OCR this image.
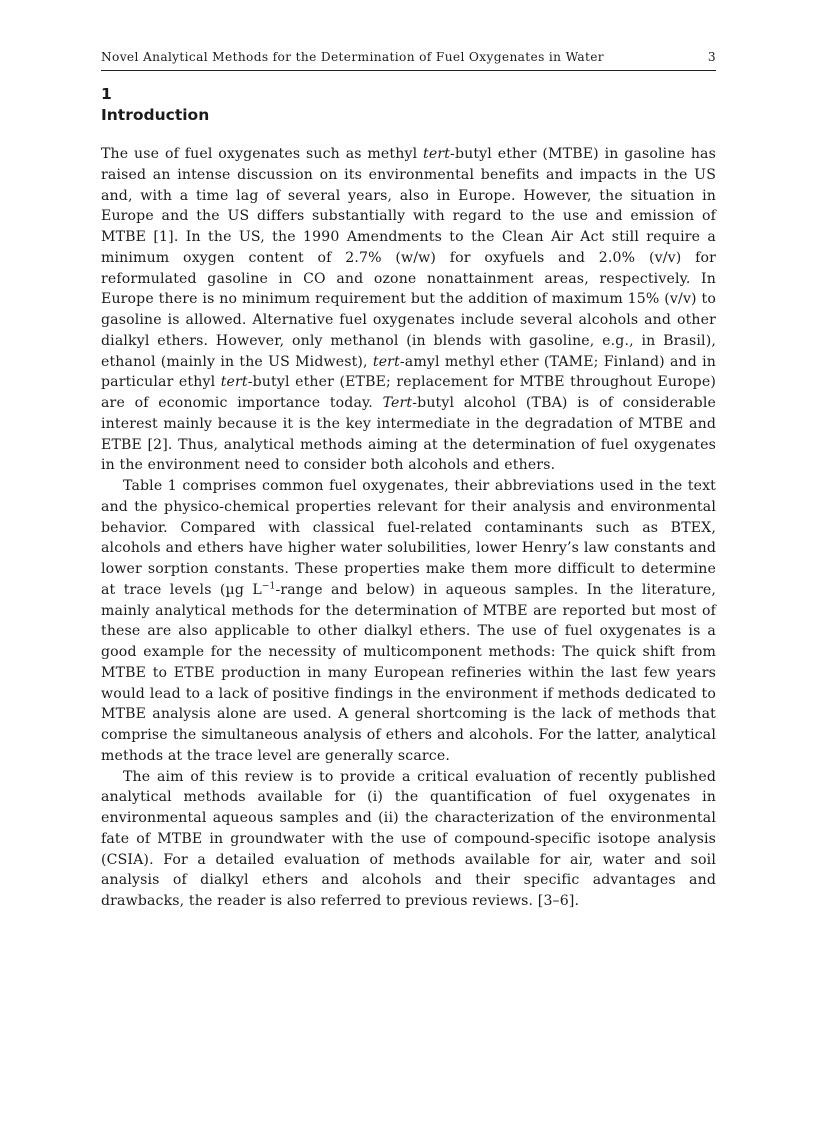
Novel Analytical Methods for the Determination of Fuel Oxygenates in Water	3
1
Introduction

The use of fuel oxygenates such as methyl tert-butyl ether (MTBE) in gasoline has raised an intense discussion on its environmental benefits and impacts in the US and, with a time lag of several years, also in Europe. However, the situation in Europe and the US differs substantially with regard to the use and emission of MTBE [1]. In the US, the 1990 Amendments to the Clean Air Act still require a minimum oxygen content of 2.7% (w/w) for oxyfuels and 2.0% (v/v) for reformulated gasoline in CO and ozone nonattainment areas, respectively. In Europe there is no minimum requirement but the addition of maximum 15% (v/v) to gasoline is allowed. Alternative fuel oxygenates include several alcohols and other dialkyl ethers. However, only methanol (in blends with gasoline, e.g., in Brasil), ethanol (mainly in the US Midwest), tert-amyl methyl ether (TAME; Finland) and in particular ethyl tert-butyl ether (ETBE; replacement for MTBE throughout Europe) are of economic importance today. Tert-butyl alcohol (TBA) is of considerable interest mainly because it is the key intermediate in the degradation of MTBE and ETBE [2]. Thus, analytical methods aiming at the determination of fuel oxygenates in the environment need to consider both alcohols and ethers.

Table 1 comprises common fuel oxygenates, their abbreviations used in the text and the physico-chemical properties relevant for their analysis and environmental behavior. Compared with classical fuel-related contaminants such as BTEX, alcohols and ethers have higher water solubilities, lower Henry’s law constants and lower sorption constants. These properties make them more difficult to determine at trace levels (µg $L^{-1}$-range and below) in aqueous samples. In the literature, mainly analytical methods for the determination of MTBE are reported but most of these are also applicable to other dialkyl ethers. The use of fuel oxygenates is a good example for the necessity of multicomponent methods: The quick shift from MTBE to ETBE production in many European refineries within the last few years would lead to a lack of positive findings in the environment if methods dedicated to MTBE analysis alone are used. A general shortcoming is the lack of methods that comprise the simultaneous analysis of ethers and alcohols. For the latter, analytical methods at the trace level are generally scarce.

The aim of this review is to provide a critical evaluation of recently published analytical methods available for (i) the quantification of fuel oxygenates in environmental aqueous samples and (ii) the characterization of the environmental fate of MTBE in groundwater with the use of compound-specific isotope analysis (CSIA). For a detailed evaluation of methods available for air, water and soil analysis of dialkyl ethers and alcohols and their specific advantages and drawbacks, the reader is also referred to previous reviews. [3–6].
